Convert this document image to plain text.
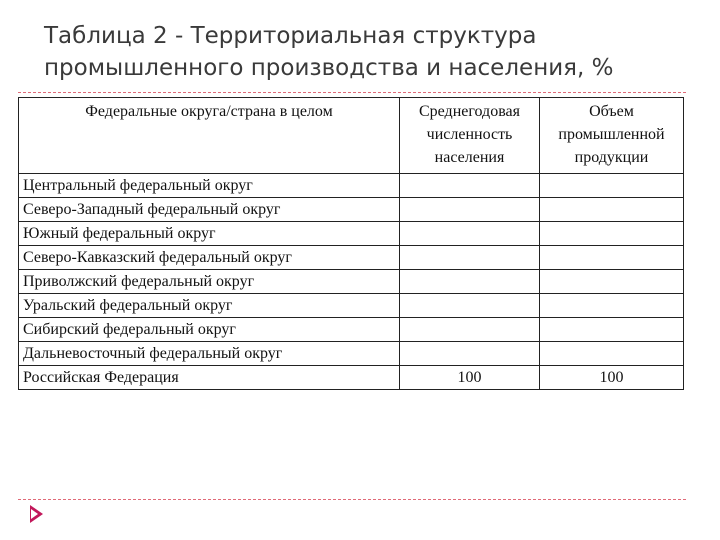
Таблица 2 - Территориальная структура
промышленного производства и населения, %
Федеральные округа/страна в целом	Среднегодовая численность населения	Объем промышленной продукции
Центральный федеральный округ		
Северо-Западный федеральный округ		
Южный федеральный округ		
Северо-Кавказский федеральный округ		
Приволжский федеральный округ		
Уральский федеральный округ		
Сибирский федеральный округ		
Дальневосточный федеральный округ		
Российская Федерация	100	100
